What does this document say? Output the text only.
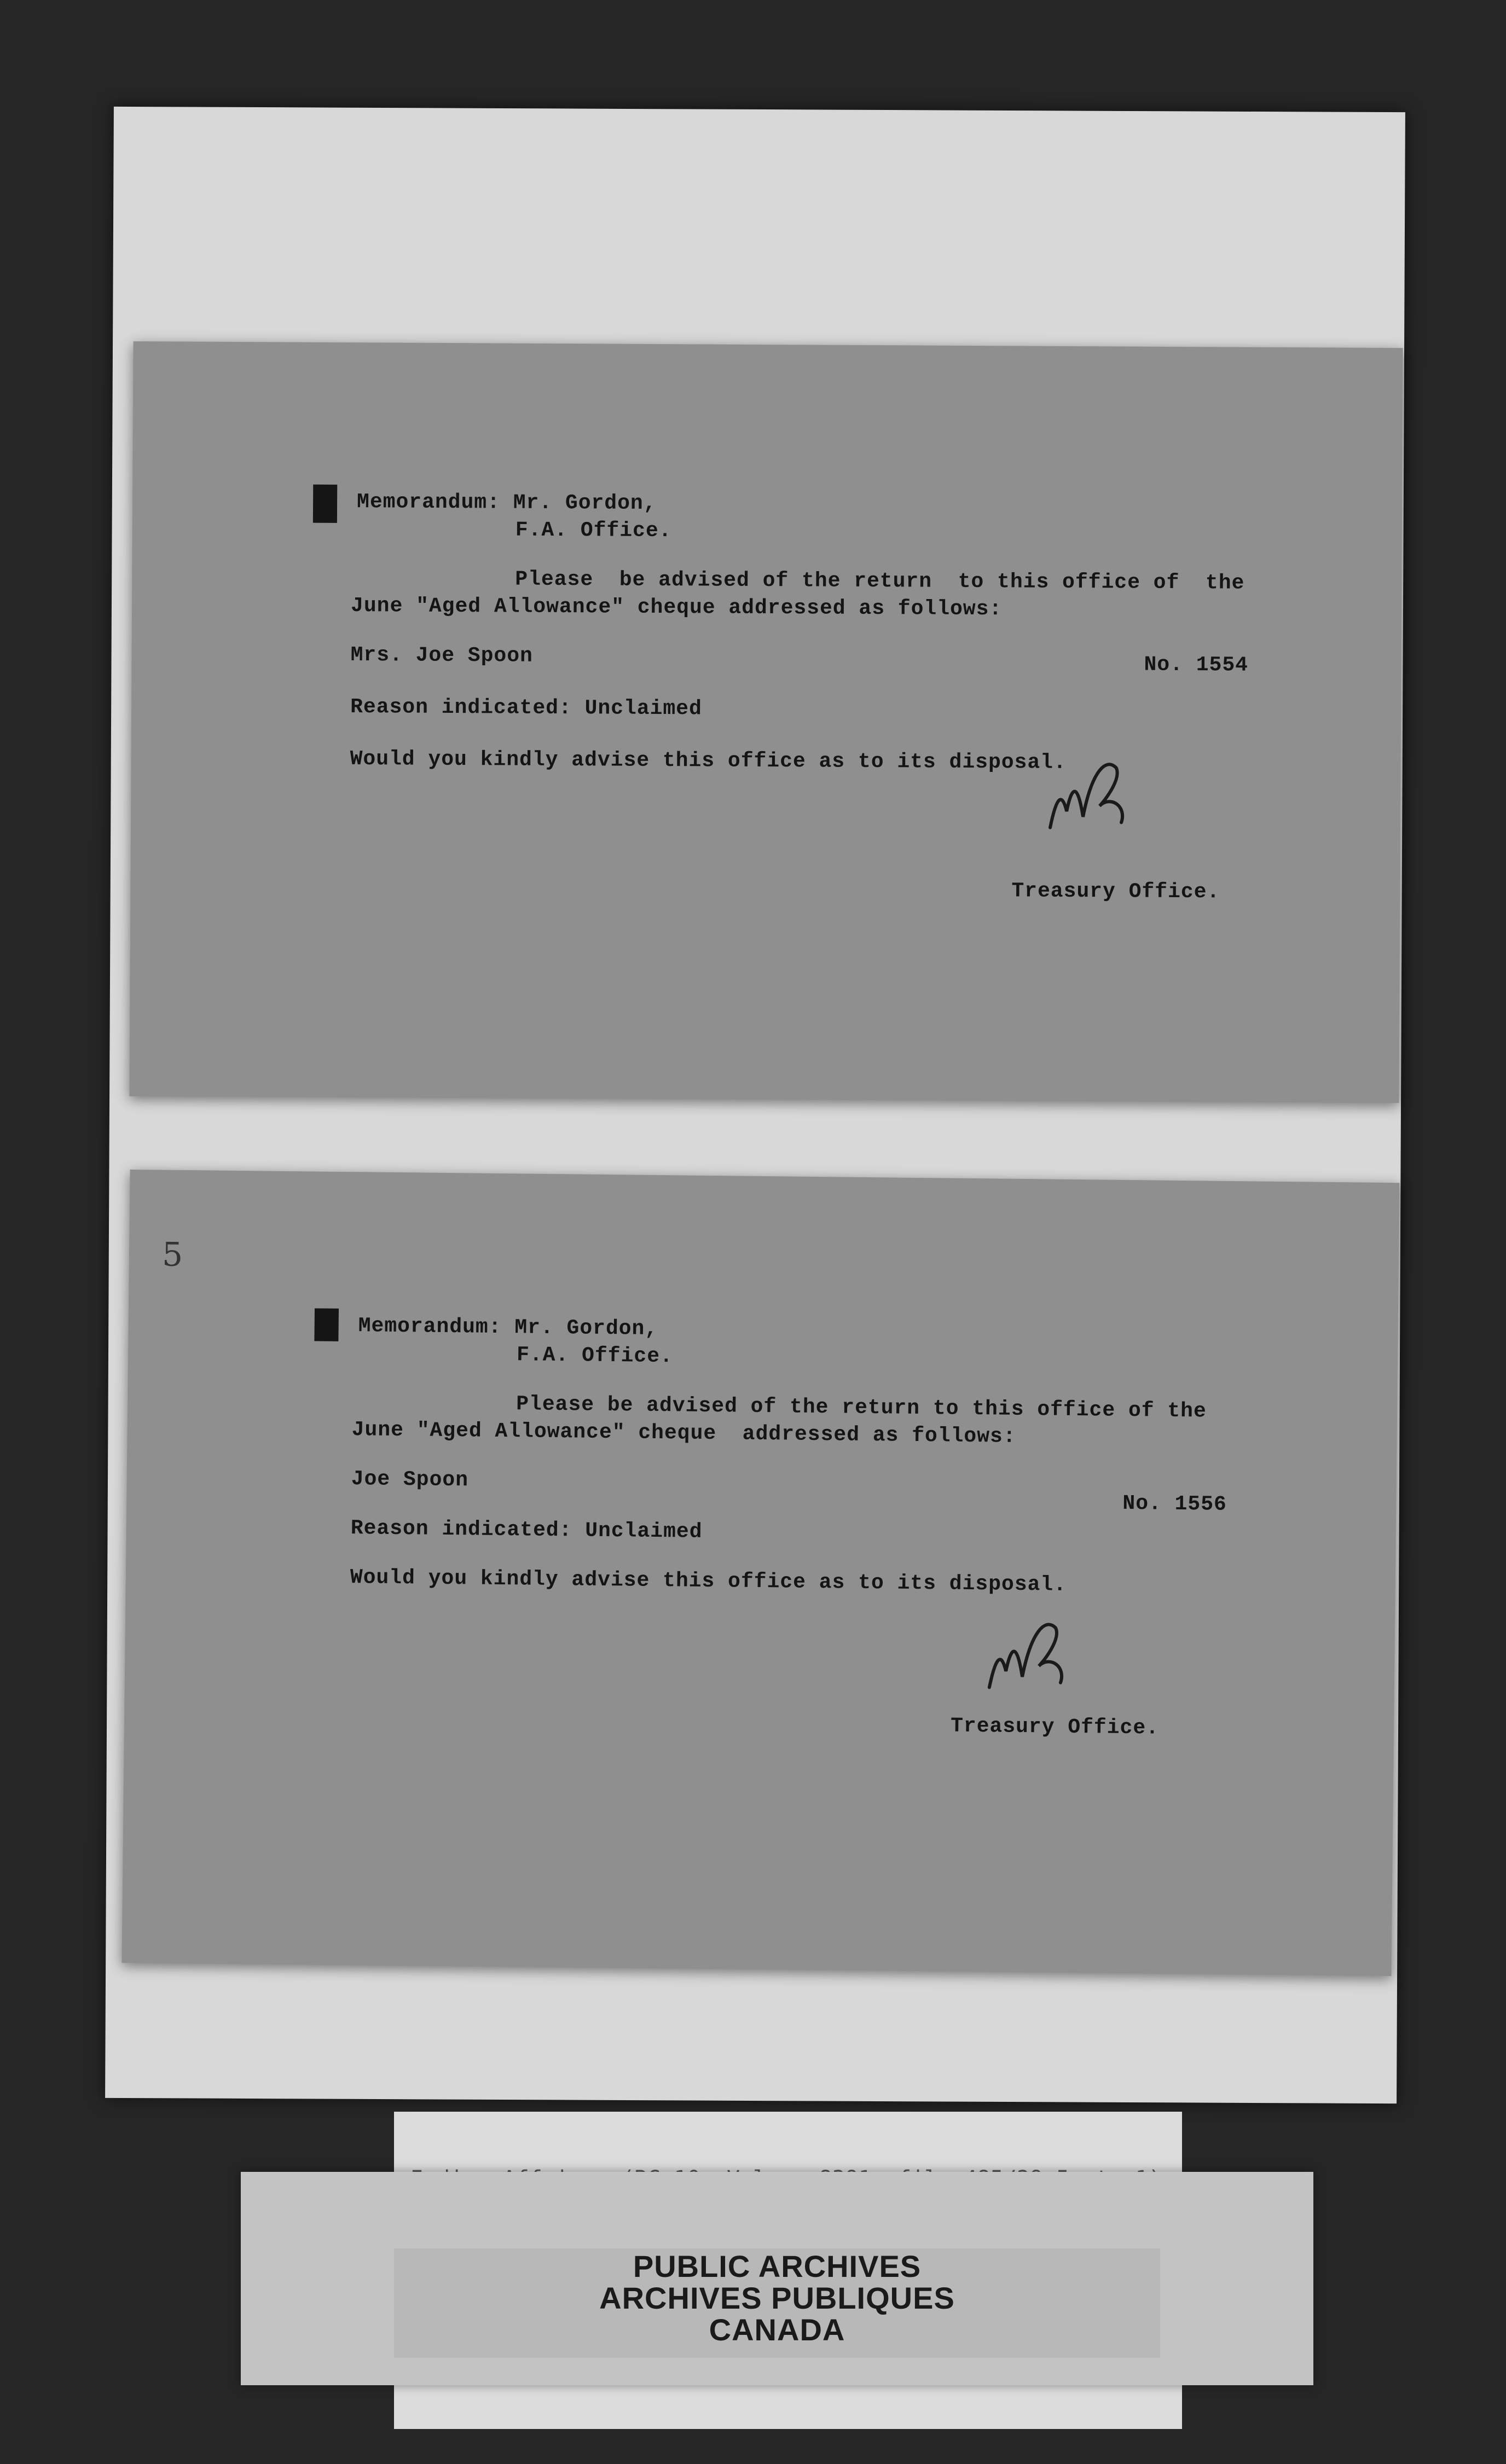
Memorandum: Mr. Gordon,
F.A. Office.
Please  be advised of the return  to this office of  the
June "Aged Allowance" cheque addressed as follows:
Mrs. Joe Spoon	No. 1554
Reason indicated: Unclaimed
Would you kindly advise this office as to its disposal.
Treasury Office.
5
Memorandum: Mr. Gordon,
F.A. Office.
Please be advised of the return to this office of the
June "Aged Allowance" cheque  addressed as follows:
Joe Spoon
No. 1556
Reason indicated: Unclaimed
Would you kindly advise this office as to its disposal.
Treasury Office.
PUBLIC ARCHIVES
ARCHIVES PUBLIQUES
CANADA
